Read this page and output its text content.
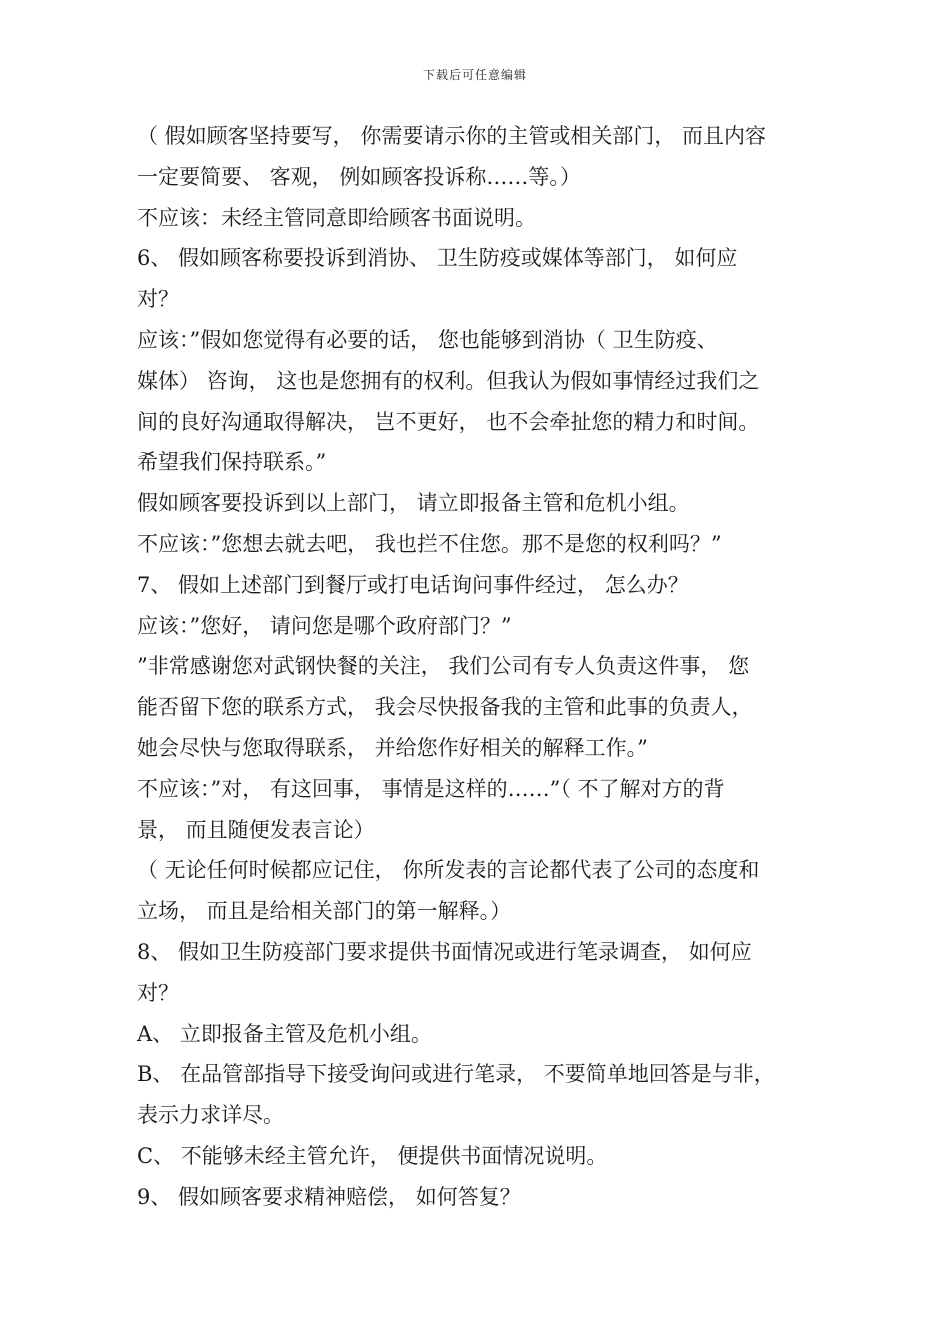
下载后可任意编辑
（ 假如顾客坚持要写， 你需要请示你的主管或相关部门， 而且内容
一定要简要、 客观， 例如顾客投诉称……等。）
不应该：未经主管同意即给顾客书面说明。
6、 假如顾客称要投诉到消协、 卫生防疫或媒体等部门， 如何应
对？
应该：”假如您觉得有必要的话， 您也能够到消协（ 卫生防疫、
媒体） 咨询， 这也是您拥有的权利。但我认为假如事情经过我们之
间的良好沟通取得解决， 岂不更好， 也不会牵扯您的精力和时间。
希望我们保持联系。”
假如顾客要投诉到以上部门， 请立即报备主管和危机小组。
不应该：”您想去就去吧， 我也拦不住您。那不是您的权利吗？”
7、 假如上述部门到餐厅或打电话询问事件经过， 怎么办？
应该：”您好， 请问您是哪个政府部门？”
”非常感谢您对武钢快餐的关注， 我们公司有专人负责这件事， 您
能否留下您的联系方式， 我会尽快报备我的主管和此事的负责人，
她会尽快与您取得联系， 并给您作好相关的解释工作。”
不应该：”对， 有这回事， 事情是这样的……”（ 不了解对方的背
景， 而且随便发表言论）
（ 无论任何时候都应记住， 你所发表的言论都代表了公司的态度和
立场， 而且是给相关部门的第一解释。）
8、 假如卫生防疫部门要求提供书面情况或进行笔录调查， 如何应
对？
A、 立即报备主管及危机小组。
B、 在品管部指导下接受询问或进行笔录， 不要简单地回答是与非，
表示力求详尽。
C、 不能够未经主管允许， 便提供书面情况说明。
9、 假如顾客要求精神赔偿， 如何答复？
